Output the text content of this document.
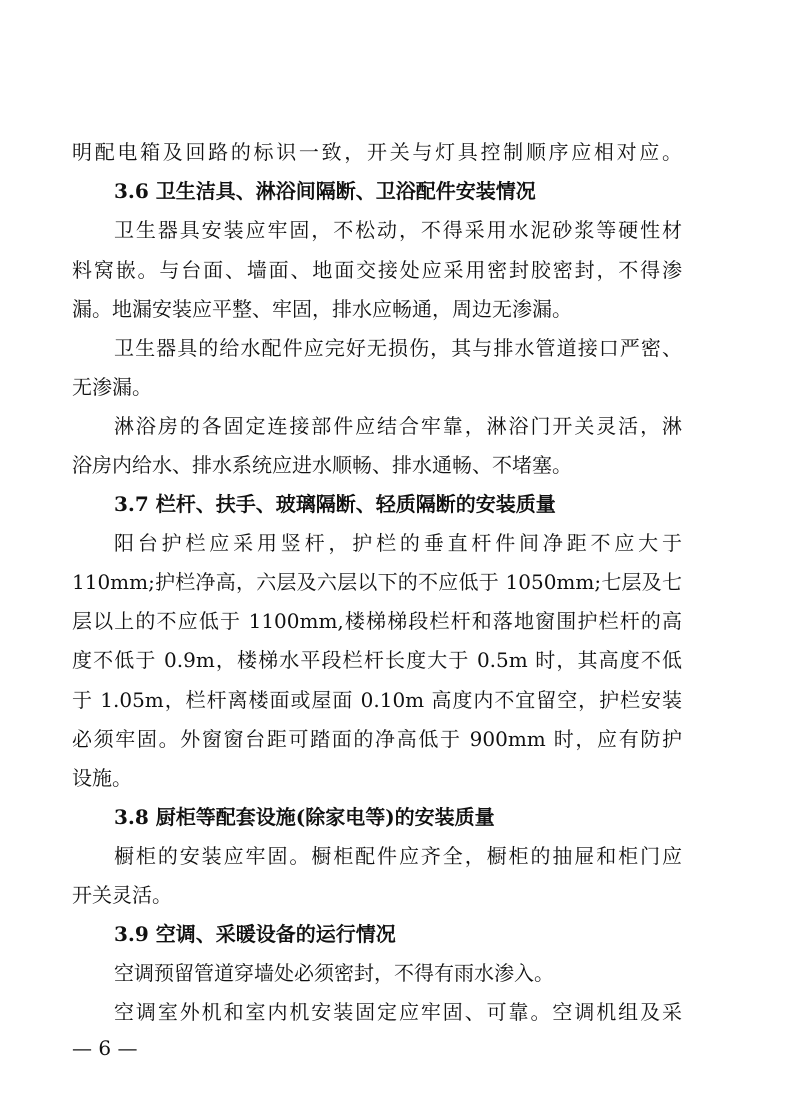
明配电箱及回路的标识一致，开关与灯具控制顺序应相对应。
3.6 卫生洁具、淋浴间隔断、卫浴配件安装情况
卫生器具安装应牢固，不松动，不得采用水泥砂浆等硬性材
料窝嵌。与台面、墙面、地面交接处应采用密封胶密封，不得渗
漏。地漏安装应平整、牢固，排水应畅通，周边无渗漏。
卫生器具的给水配件应完好无损伤，其与排水管道接口严密、
无渗漏。
淋浴房的各固定连接部件应结合牢靠，淋浴门开关灵活，淋
浴房内给水、排水系统应进水顺畅、排水通畅、不堵塞。
3.7 栏杆、扶手、玻璃隔断、轻质隔断的安装质量
阳台护栏应采用竖杆，护栏的垂直杆件间净距不应大于
110mm;护栏净高，六层及六层以下的不应低于 1050mm;七层及七
层以上的不应低于 1100mm,楼梯梯段栏杆和落地窗围护栏杆的高
度不低于 0.9m，楼梯水平段栏杆长度大于 0.5m 时，其高度不低
于 1.05m，栏杆离楼面或屋面 0.10m 高度内不宜留空，护栏安装
必须牢固。外窗窗台距可踏面的净高低于 900mm 时，应有防护
设施。
3.8 厨柜等配套设施(除家电等)的安装质量
橱柜的安装应牢固。橱柜配件应齐全，橱柜的抽屉和柜门应
开关灵活。
3.9 空调、采暖设备的运行情况
空调预留管道穿墙处必须密封，不得有雨水渗入。
空调室外机和室内机安装固定应牢固、可靠。空调机组及采
— 6 —
